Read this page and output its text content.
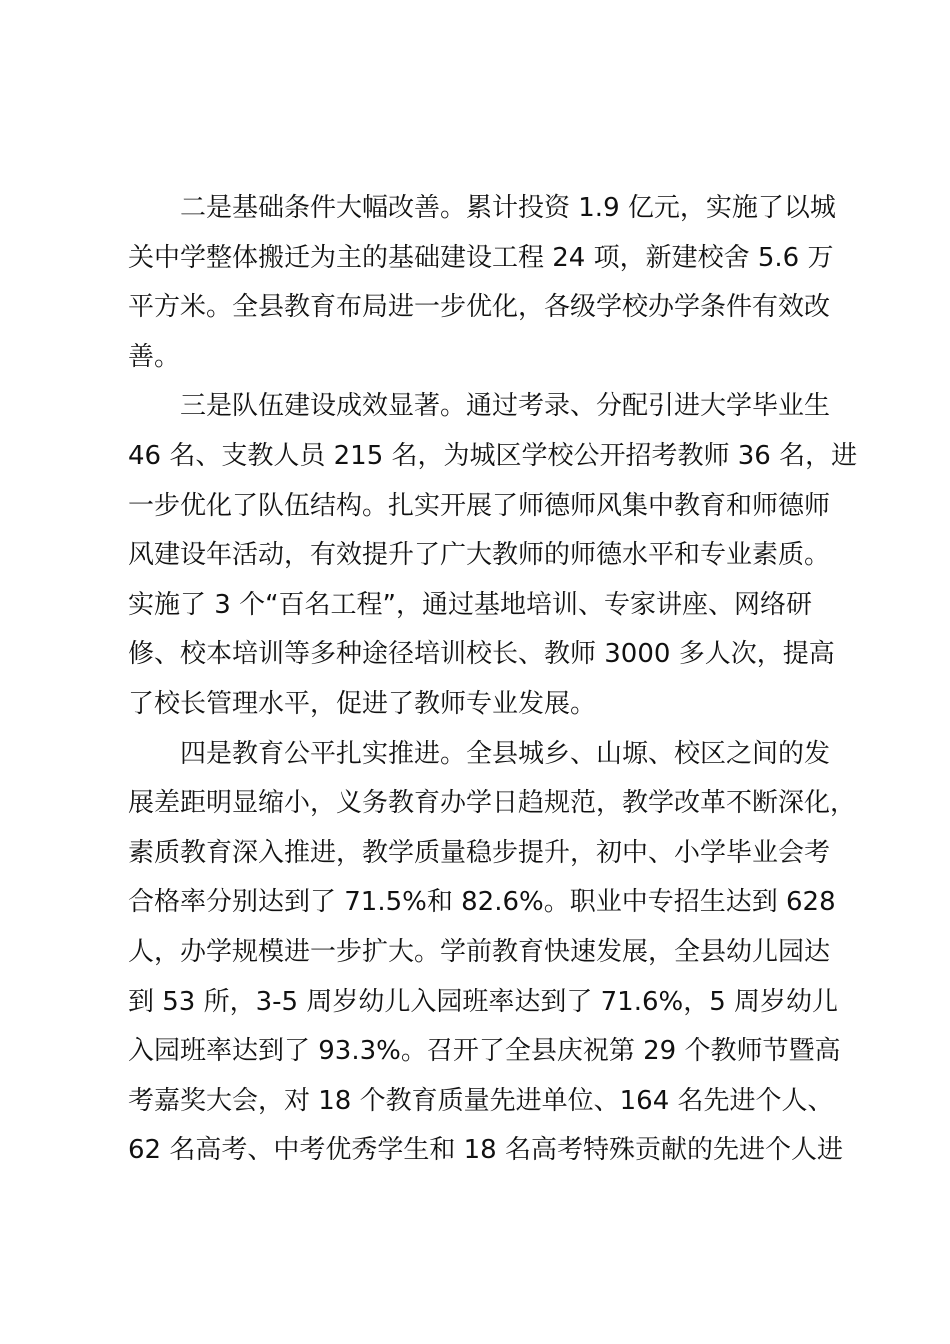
二是基础条件大幅改善。累计投资 1.9 亿元，实施了以城
关中学整体搬迁为主的基础建设工程 24 项，新建校舍 5.6 万
平方米。全县教育布局进一步优化，各级学校办学条件有效改
善。
三是队伍建设成效显著。通过考录、分配引进大学毕业生
46 名、支教人员 215 名，为城区学校公开招考教师 36 名，进
一步优化了队伍结构。扎实开展了师德师风集中教育和师德师
风建设年活动，有效提升了广大教师的师德水平和专业素质。
实施了 3 个“百名工程”，通过基地培训、专家讲座、网络研
修、校本培训等多种途径培训校长、教师 3000 多人次，提高
了校长管理水平，促进了教师专业发展。
四是教育公平扎实推进。全县城乡、山塬、校区之间的发
展差距明显缩小，义务教育办学日趋规范，教学改革不断深化，
素质教育深入推进，教学质量稳步提升，初中、小学毕业会考
合格率分别达到了 71.5%和 82.6%。职业中专招生达到 628
人，办学规模进一步扩大。学前教育快速发展，全县幼儿园达
到 53 所，3-5 周岁幼儿入园班率达到了 71.6%，5 周岁幼儿
入园班率达到了 93.3%。召开了全县庆祝第 29 个教师节暨高
考嘉奖大会，对 18 个教育质量先进单位、164 名先进个人、
62 名高考、中考优秀学生和 18 名高考特殊贡献的先进个人进
